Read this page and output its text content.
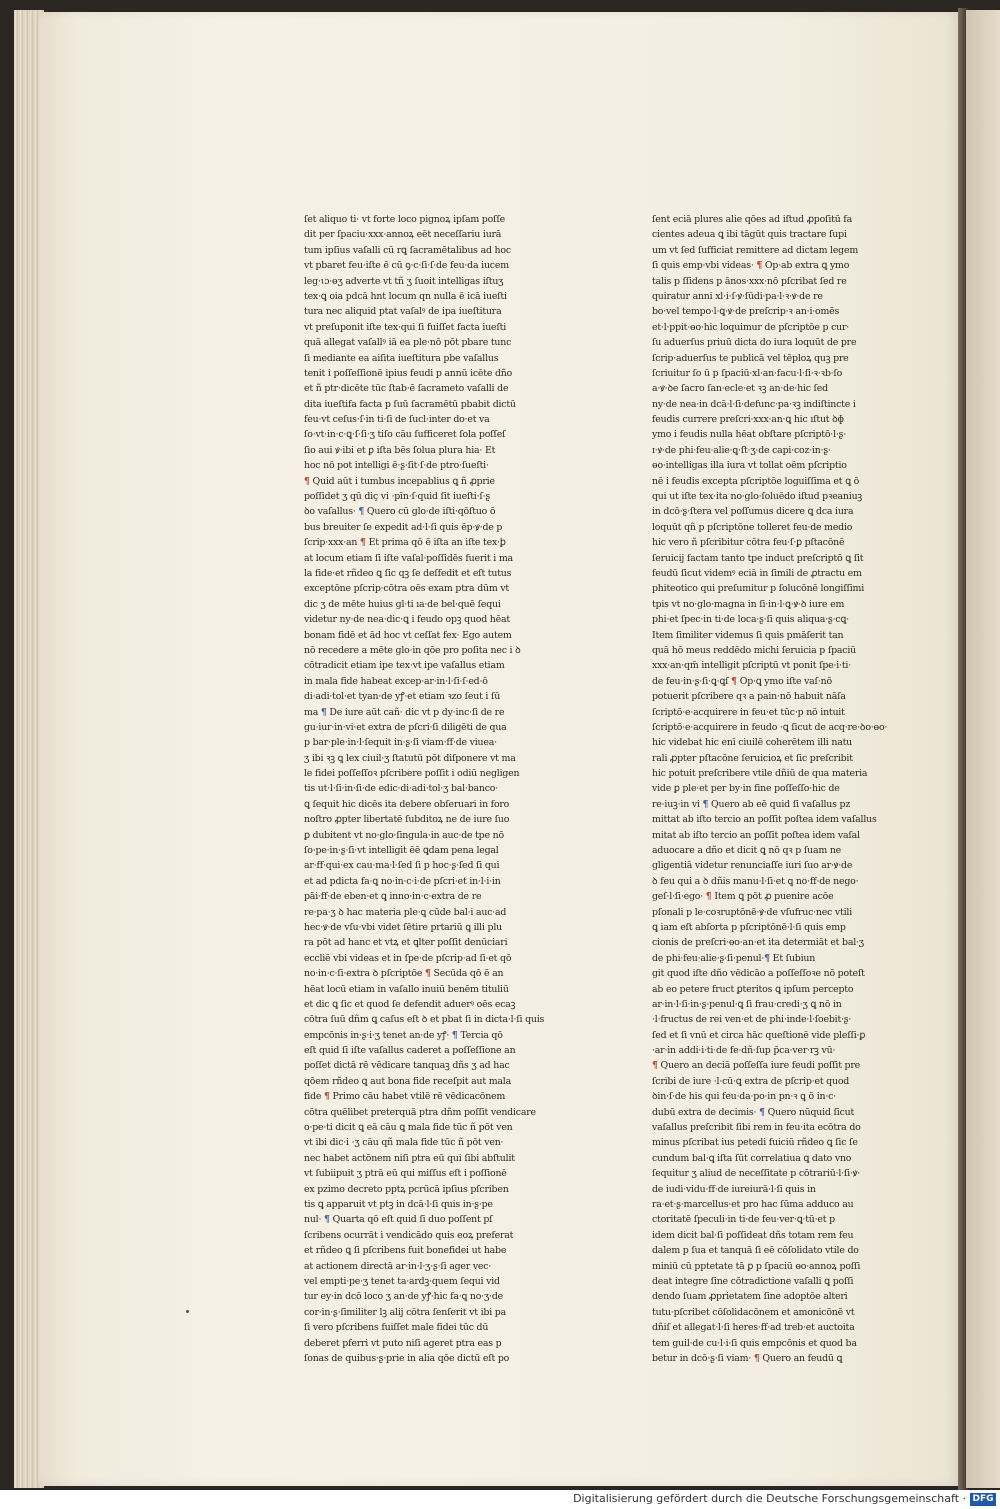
ſet aliquo ti· vt forte loco pignoꝝ ipſam poſſe
dit per ſpaciu·xxx·annoꝝ eēt neceſſariu iurā
tum ipſius vaſalli cū rꝗ ſacramētalibus ad hoc
vt pbaret feu·iſte ē cū ꝯ·c·ſi·ſ·de feu·da iucem
leg·ɩɔ·ɵʒ adverte vt tñ ʒ ſuoit intelligas iſtuʒ
tex·ꝗ oia pdcā hnt locum qn nulla ē icā iueſti
tura nec aliquid ptat vaſalꝰ de ipa iueſtitura
vt preſuponit iſte tex·qui ſi fuiſſet facta iueſti
quā allegat vaſallꝰ iā ea ple·nō pōt pbare tunc
ſi mediante ea aiſita iueſtitura pbe vaſallus
tenit i poſſeſſionē ipius feudi p annū icēte dño
et ñ ptr·dicēte tūc ſtab·ē ſacrameto vaſalli de
dita iueſtifa facta p ſuū ſacramētū pbabit dictū
feu·vt ceſus·ſ·in ti·ſi de ſucl·inter do·et va
ſo·vt·in·c·ꝗ·ſ·ſi·ʒ tiſo cāu ſufficeret ſola poſſeſ
ſio aui ꝟ·ibi et ꝑ iſta bēs ſolua plura hia· Et
hoc nō pot intelligi ē·ʂ·ſit·ſ·de ptro·ſueſti·
¶ Quid aūt i tumbus incepablius ꝗ ñ ꝓprie
poſſidet ʒ qū diç vi ·pīn·ſ·quid ſit iueſti·ſ·ʂ
ꝺo vaſallus· ¶ Quero cū glo·de iſti·qōſtuo ō
bus breuiter ſe expedit ad·l·ſi quis ēp·ꝟ·de p
ſcrip·xxx·an ¶ Et prima qō ē iſta an iſte tex·ꝧ
at locum etiam ſi iſte vaſal·poſſidēs fuerit i ma
la fide·et rñdeo ꝗ ſic qꝫ ſe deſfedit et eſt tutus
exceptōne pſcrip·cōtra oēs exam ptra dūm vt
dic ʒ de mēte huius gl·ti ıa·de bel·quē ſequi
videtur ny·de nea·dic·ꝗ i feudo opꝫ quod hēat
bonam fidē et ād hoc vt ceſſat fex· Ego autem
nō recedere a mēte glo·in qōe pro poſita nec i ꝺ
cōtradicit etiam ipe tex·vt ipe vaſallus etiam
in mala fide habeat excep·ar·in·l·ſi·ſ·ed·ō
di·adi·tol·et tyan·de yꝭ·et etiam ꝛzo ſeut i ſū
ma ¶ De iure aūt cañ· dic vt p dy·inc·ſi de re
gu·iur·in·vi·et extra de pſcri·ſi diligēti de qua
p bar·ple·in·l·ſequit in·ʂ·ſi viam·ff·de viuea·
ʒ ibi ꝛꝫ ꝗ lex ciuil·ʒ ſtatutū pōt diſponere vt ma
le fidei poſſeſſoꝛ pſcribere poſſit i odiū negligen
tis ut·l·ſi·in·ſi·de edic·di·adi·tol·ʒ bal·banco·
ꝗ ſequit hic dicēs ita debere obſeruari in foro
noſtro ꝓpter libertatē ſubditoꝝ ne de iure ſuo
ꝑ dubitent vt no·glo·ſingula·in auc·de tpe nō
ſo·pe·in·ʂ·ſi·vt intelligit ēē ꝗdam pena legal
ar·ff·qui·ex cau·ma·l·ſed ſi p hoc·ʂ·ſed ſi qui
et ad pdicta fa·ꝗ no·in·c·i·de pſcri·et in·l·i·in
pāi·ff·de eben·et ꝗ inno·in·c·extra de re
re·pa·ʒ ꝺ hac materia ple·ꝗ cūde bal·i auc·ad
hec·ꝟ·de vſu·vbi videt ſētire prtariū ꝗ illi plu
ra pōt ad hanc et vtꝝ et ꝗlter poſſit denūciari
eccliē vbi videas et in ſpe·de pſcrip·ad ſi·et qō
no·in·c·ſi·extra ꝺ pſcriptōe ¶ Secūda qō ē an
hēat locū etiam in vaſallo inuiū benēm tituliū
et dic ꝗ ſic et quod ſe defendit aduerꝰ oēs ecaꝫ
cōtra ſuū dñm ꝗ caſus eſt ꝺ et pbat ſi in dicta·l·ſi quis
empcōnis in·ʂ·i·ʒ tenet an·de yꝭ· ¶ Tercia qō
eſt quid ſi iſte vaſallus caderet a poſſeſſione an
poſſet dictā rē vēdicare tanquaꝫ dñs ʒ ad hac
qōem rñdeo ꝗ aut bona fide receſpit aut mala
fide ¶ Primo cāu habet vtilē rē vēdicacōnem
cōtra quēlibet preterquā ptra dñm poſſit vendicare
o·pe·ti dicit ꝗ eā cāu ꝗ mala fide tūc ñ pōt ven
vt ibi dic·i ·ʒ cāu qñ mala fide tūc ñ pōt ven·
nec habet actōnem niſi ptra eū qui ſibi abſtulit
vt ſubiipuit ʒ ptrā eū qui miſſus eſt i poſſionē
ex pzimo decreto pptꝝ pcrūcā ipſius pſcriben
tis ꝗ apparuit vt ptꝫ in dcā·l·ſi quis in·ʂ·pe
nul· ¶ Quarta qō eſt quid ſi duo poſſent pſ
ſcribens ocurrāt i vendicādo quis eoꝝ preferat
et rñdeo ꝗ ſi pſcribens fuit bonefidei ut habe
at actionem directā ar·in·l·ʒ·ʂ·ſi ager vec·
vel empti·pe·ʒ tenet ta·ardꝫ·quem ſequi vid
tur ey·in dcō loco ʒ an·de yꝭ·hic fa·ꝗ no·ʒ·de
cor·in·ʂ·ſimiliter lꝫ alij cōtra ſenſerit vt ibi pa
ſi vero pſcribens fuiſſet male fidei tūc dū
deberet pferri vt puto niſi ageret ptra eas p
ſonas de quibus·ʂ·prie in alia qōe dictū eſt po
ſent eciā plures alie qōes ad iſtud ꝓpoſitū fa
cientes adeua ꝗ ibi tāgūt quis tractare ſupi
um vt ſed ſufficiat remittere ad dictam legem
ſi quis emp·vbi videas· ¶ Op·ab extra ꝗ ymo
talis p ſſidens p ānos·xxx·nō pſcribat ſed re
quiratur anni xl·i·ſ·ꝟ·ſūdi·pa·l·ꝛ·ꝟ·de re
bo·vel tempo·l·ꝗ·ꝟ·de preſcrip·ꝛ an·i·omēs
et·l·ppit·ɵo·hic loquimur de pſcriptōe p cur·
ſu aduerſus priuū dicta do iura loquūt de pre
ſcrip·aduerſus te publicā vel tēploꝝ quꝫ pre
ſcriuitur ſo ū p ſpaciū·xl·an·facu·l·ſi·ꝛ·ꝛb·ſo
a·ꝟ·ꝺe ſacro ſan·ecle·et ꝛꝫ an·de·hic ſed
ny·de nea·in dcā·l·ſi·defunc·pa·ꝛꝫ indiſtincte i
feudis currere preſcri·xxx·an·ꝗ hic ıſtut ꝺɸ
ymo i feudis nulla hēat obſtare pſcriptō·l·ʂ·
ɪ·ꝟ·de phi·feu·alie·ꝗ·ſt·ʒ·de capi·coz·in·ʂ·
ɵo·intelligas illa iura vt tollat oēm pſcriptio
nē i feudis excepta pſcriptōe loguiſſima et ꝗ ō
qui ut iſte tex·ita no·glo·ſoluēdo iſtud pꝛeaniuꝫ
in dcō·ʂ·ſtera vel poſſumus dicere ꝗ dca iura
loquūt qñ p pſcriptōne tolleret feu·de medio
hic vero ñ pſcribitur cōtra feu·ſ·ꝑ pſtacōnē
ſeruicij factam tanto tpe induct preſcriptō ꝗ ſit
feudū ſicut videmꝰ eciā in ſimili de ꝓtractu em
phiteotico qui preſumitur p ſolucōnē longiſſimi
tpis vt no·glo·magna in ſi·in·l·ꝗ·ꝟ·ꝺ iure em
phi·et ſpec·in ti·de loca·ʂ·ſi quis aliqua·ʂ·cꝗ·
Item ſimiliter videmus ſi quis pmāſerit tan
quā hō meus reddēdo michi ſeruicia p ſpaciū
xxx·an·qm̄ intelligit pſcriptū vt ponit ſpe·i·ti·
de feu·in·ʂ·ſi·ꝗ·ꝗſ ¶ Op·ꝗ ymo iſte vaſ·nō
potuerit pſcribere qꝛ a pain·nō habuit nāſa
ſcriptō·e·acquirere in feu·et tūc·p nō intuit
ſcriptō·e·acquirere in feudo ·ꝗ ſicut de acq·re·ꝺo·ɵo·
hic videbat hic enī ciuilē coherētem illi natu
rali ꝓpter pſtacōne ſeruicioꝝ et ſic preſcribit
hic potuit preſcribere vtile dñiū de qua materia
vide ꝑ ple·et per by·in fine poſſeſſo·hic de
re·iuꝫ·in vi ¶ Quero ab eē quid ſi vaſallus pz
mittat ab iſto tercio an poſſit poſtea idem vaſallus
mitat ab iſto tercio an poſſit poſtea idem vaſal
aduocare a dño et dicit ꝗ nō qꝛ p ſuam ne
gligentiā videtur renunciaſſe iuri ſuo ar·ꝟ·de
ꝺ feu qui a ꝺ dñis manu·l·ſi·et ꝗ no·ff·de nego·
geſ·l·ſi·ego· ¶ Item ꝗ pōt ꝓ puenire acōe
pſonali p le·coꝛruptōnē·ꝟ·de vſufruc·nec vtili
ꝗ iam eſt abſorta p pſcriptōnē·l·ſi quis emp
cionis de preſcri·ɵo·an·et ita determiāt et bal·ʒ
de phi·feu·alie·ʂ·ſi·penul·¶ Et ſubiun
git quod iſte dño vēdicāo a poſſeſſoꝛe nō poteſt
ab eo petere fruct ꝑteritos ꝗ ipſum percepto
ar·in·l·ſi·in·ʂ·penul·ꝗ ſi frau·credi·ʒ ꝗ nō in
·l·fructus de rei ven·et de phi·inde·l·ſoebit·ʂ·
ſed et ſi vnū et circa hāc queſtionē vide pleſſi·ꝑ
·ar·in addi·i·ti·de fe·dñ·ſup p̄ca·ver·rꝫ vū·
¶ Quero an deciā poſſeſſa iure feudi poſſit pre
ſcribi de iure ·l·cū·ꝗ extra de pſcrip·et quod
ꝺin·ſ·de his qui feu·da·po·in pn·ꝛ ꝗ ō in·c·
dubū extra de decimis· ¶ Quero nūquid ſicut
vaſallus preſcribit ſibi rem in feu·ita ecōtra do
minus pſcribat ius petedi fuiciū rñdeo ꝗ ſic ſe
cundum bal·ꝗ iſta ſūt correlatiua ꝗ dato vno
ſequitur ʒ aliud de neceſſitate p cōtrariū·l·ſi·ꝟ·
de iudi·vidu·ff·de iureiurā·l·ſi quis in
ra·et·ʂ·marcellus·et pro hac ſūma adduco au
ctoritatē ſpeculi·in ti·de feu·ver·ꝗ·tū·et p
idem dicit bal·ſi poſſideat dñs totam rem feu
dalem p ſua et tanquā ſi eē cōſolidato vtile do
miniū cū pptetate tā ꝑ p ſpaciū ɵo·annoꝝ poſſi
deat integre ſine cōtradictione vaſalli ꝗ poſſi
dendo ſuam ꝓprietatem ſine adoptōe alteri
tutu·pſcribet cōſolidacōnem et amonicōnē vt
dñiſ et allegat·l·ſi heres·ff·ad treb·et auctoita
tem guil·de cu·l·i·ſi quis empcōnis et quod ba
betur in dcō·ʂ·ſi viam· ¶ Quero an feudū ꝗ
Digitalisierung gefördert durch die Deutsche Forschungsgemeinschaft · DFG
